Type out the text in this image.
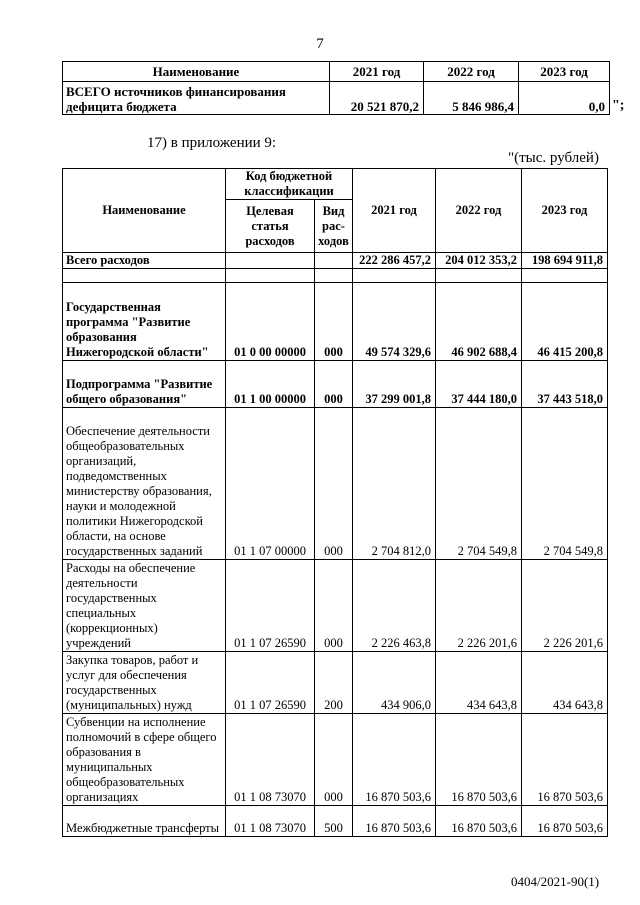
7
Наименование	2021 год	2022 год	2023 год
ВСЕГО источников финансирования дефицита бюджета	20 521 870,2	5 846 986,4	0,0 ";
17) в приложении 9:
"(тыс. рублей)
Наименование	Код бюджетной классификации		2021 год	2022 год	2023 год
	Целевая статья расходов	Вид рас-ходов			
Всего расходов			222 286 457,2	204 012 353,2	198 694 911,8

Государственная программа "Развитие образования Нижегородской области"	01 0 00 00000	000	49 574 329,6	46 902 688,4	46 415 200,8
Подпрограмма "Развитие общего образования"	01 1 00 00000	000	37 299 001,8	37 444 180,0	37 443 518,0
Обеспечение деятельности общеобразовательных организаций, подведомственных министерству образования, науки и молодежной политики Нижегородской области, на основе государственных заданий	01 1 07 00000	000	2 704 812,0	2 704 549,8	2 704 549,8
Расходы на обеспечение деятельности государственных специальных (коррекционных) учреждений	01 1 07 26590	000	2 226 463,8	2 226 201,6	2 226 201,6
Закупка товаров, работ и услуг для обеспечения государственных (муниципальных) нужд	01 1 07 26590	200	434 906,0	434 643,8	434 643,8
Субвенции на исполнение полномочий в сфере общего образования в муниципальных общеобразовательных организациях	01 1 08 73070	000	16 870 503,6	16 870 503,6	16 870 503,6
Межбюджетные трансферты	01 1 08 73070	500	16 870 503,6	16 870 503,6	16 870 503,6
0404/2021-90(1)
